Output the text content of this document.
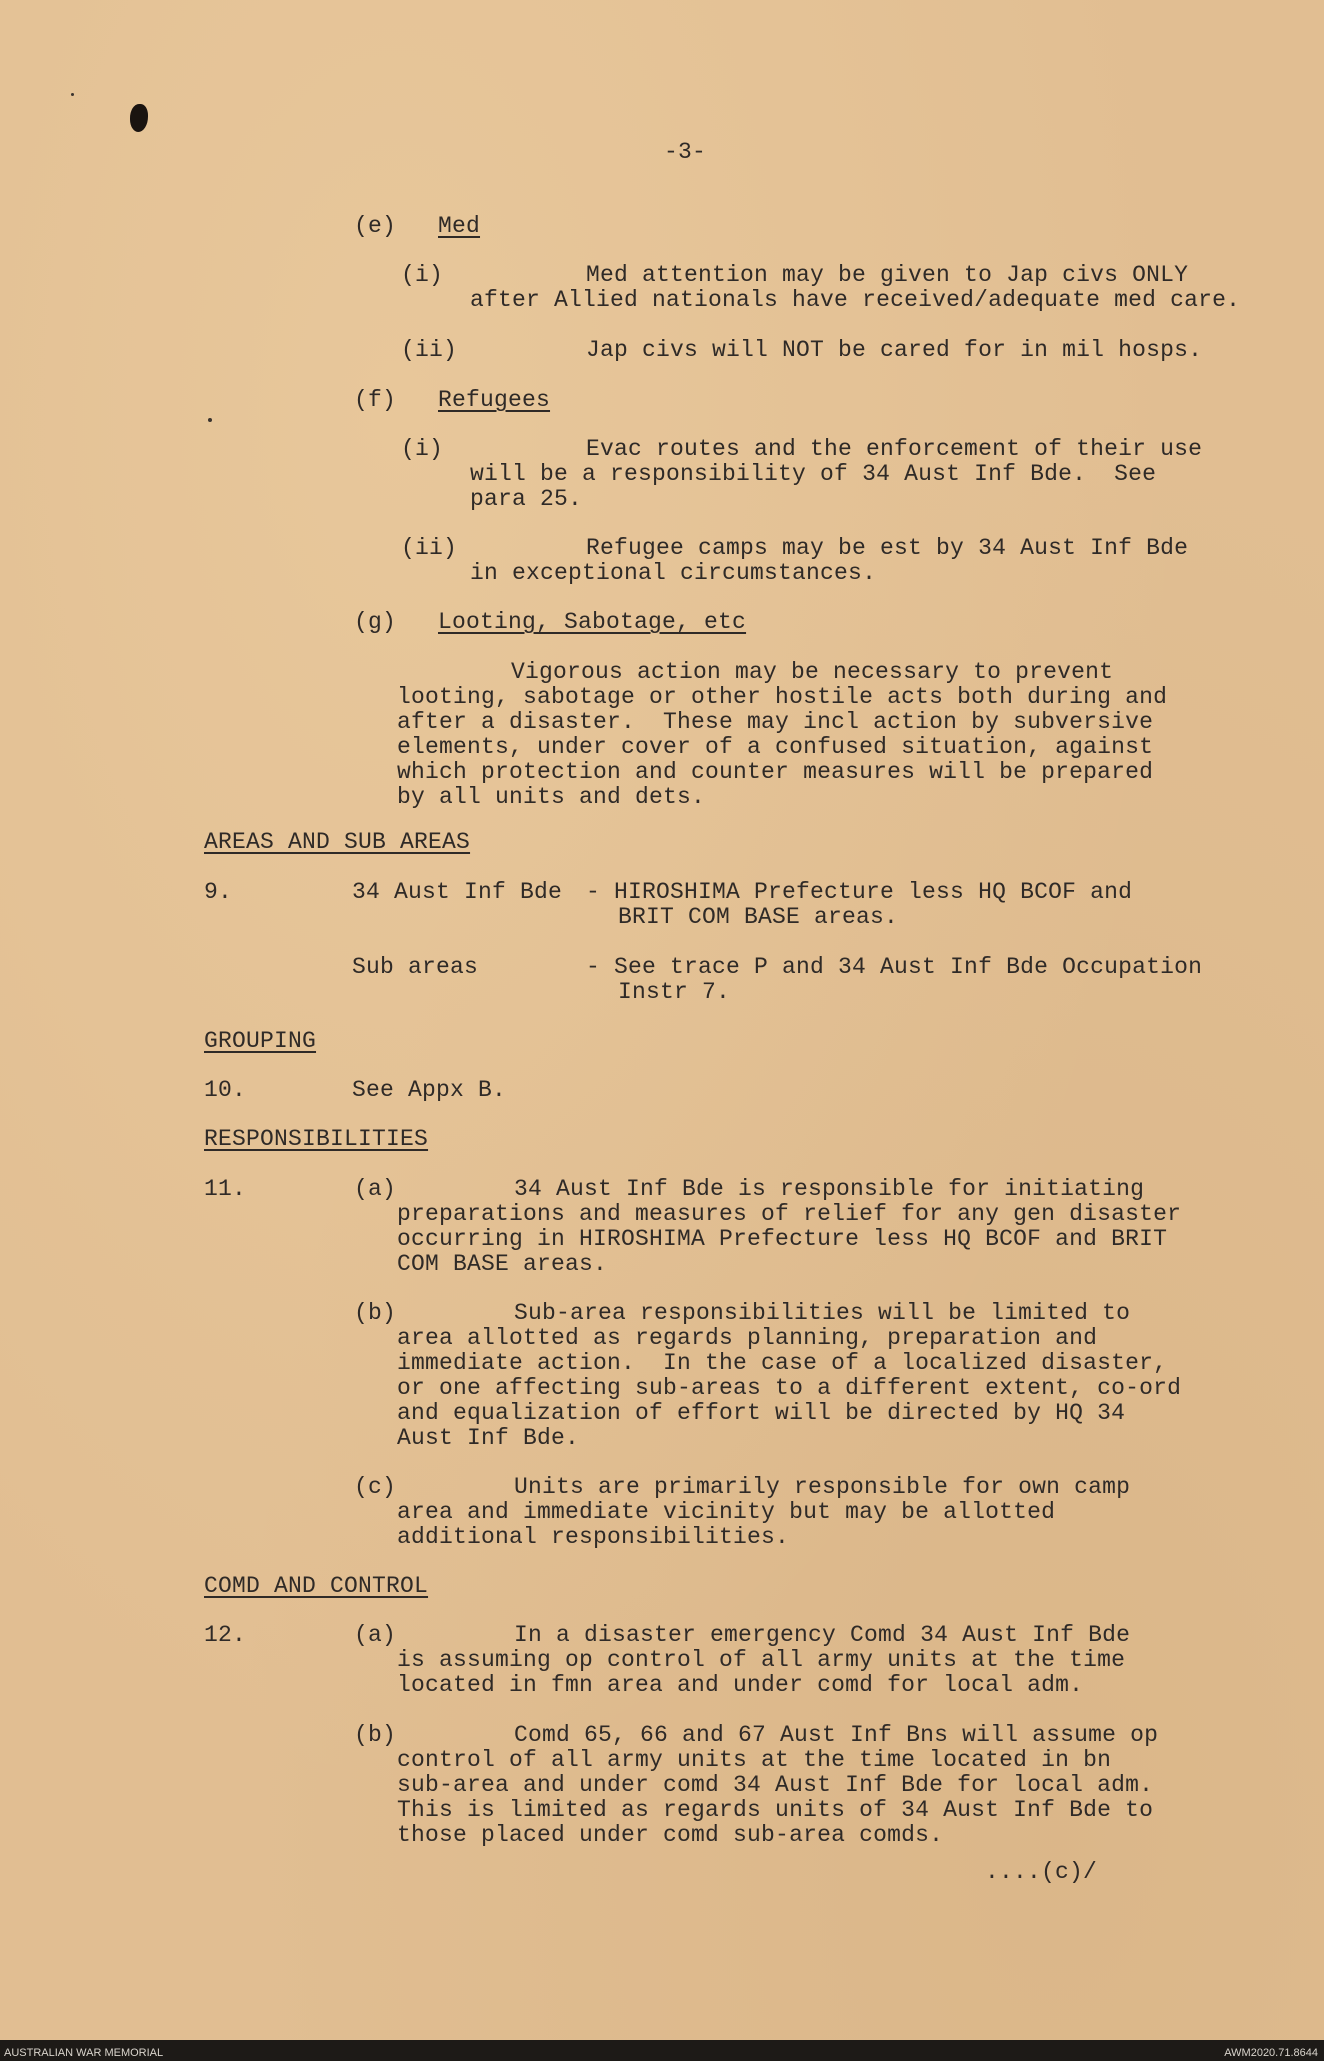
-3-

(e) Med

(i)	Med attention may be given to Jap civs ONLY

after Allied nationals have received/adequate med care.

(ii)	Jap civs will NOT be cared for in mil hosps.

(f) Refugees

(i)	Evac routes and the enforcement of their use

will be a responsibility of 34 Aust Inf Bde.  See

para 25.

(ii)	Refugee camps may be est by 34 Aust Inf Bde

in exceptional circumstances.

(g) Looting, Sabotage, etc

Vigorous action may be necessary to prevent

looting, sabotage or other hostile acts both during and

after a disaster.  These may incl action by subversive

elements, under cover of a confused situation, against

which protection and counter measures will be prepared

by all units and dets.

AREAS AND SUB AREAS

9.	34 Aust Inf Bde - HIROSHIMA Prefecture less HQ BCOF and

BRIT COM BASE areas.

Sub areas	- See trace P and 34 Aust Inf Bde Occupation

Instr 7.

GROUPING

10.	See Appx B.

RESPONSIBILITIES

11.	(a)	34 Aust Inf Bde is responsible for initiating

preparations and measures of relief for any gen disaster

occurring in HIROSHIMA Prefecture less HQ BCOF and BRIT

COM BASE areas.

(b)	Sub-area responsibilities will be limited to

area allotted as regards planning, preparation and

immediate action.  In the case of a localized disaster,

or one affecting sub-areas to a different extent, co-ord

and equalization of effort will be directed by HQ 34

Aust Inf Bde.

(c)	Units are primarily responsible for own camp

area and immediate vicinity but may be allotted

additional responsibilities.

COMD AND CONTROL

12.	(a)	In a disaster emergency Comd 34 Aust Inf Bde

is assuming op control of all army units at the time

located in fmn area and under comd for local adm.

(b)	Comd 65, 66 and 67 Aust Inf Bns will assume op

control of all army units at the time located in bn

sub-area and under comd 34 Aust Inf Bde for local adm.

This is limited as regards units of 34 Aust Inf Bde to

those placed under comd sub-area comds.

....(c)/

AUSTRALIAN WAR MEMORIAL	AWM2020.71.8644
